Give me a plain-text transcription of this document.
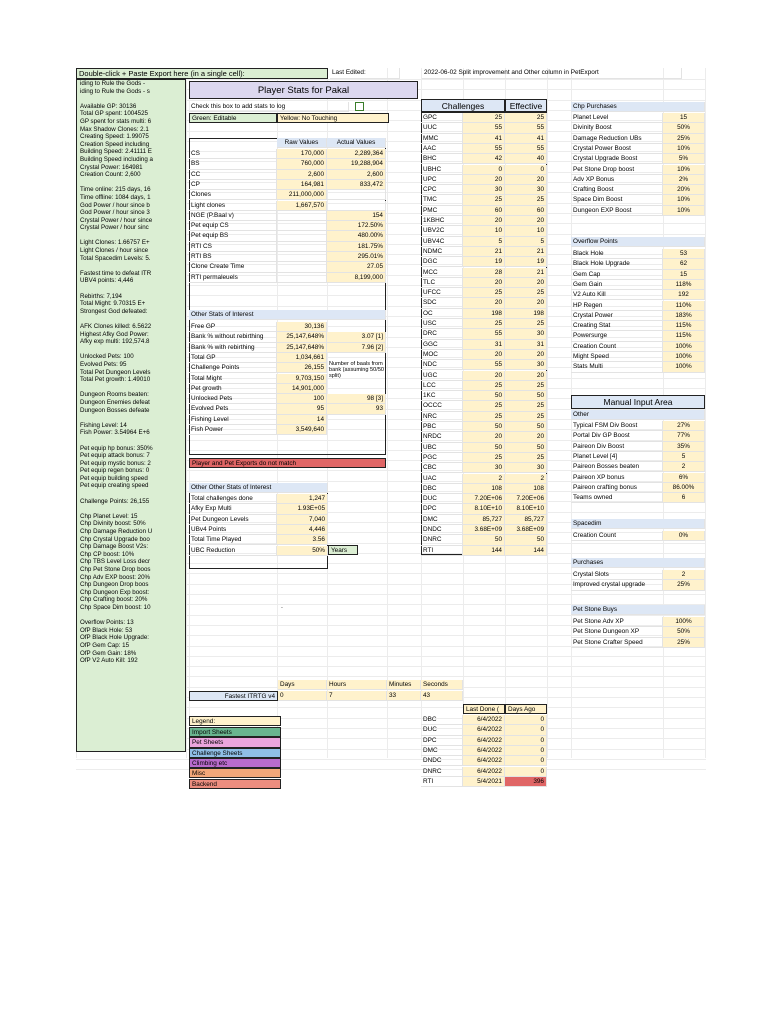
Double-click + Paste Export here (in a single cell):	Last Edited:	2022-06-02 Split improvement and Other column in PetExport
iding to Rule the Gods -
iding to Rule the Gods - s
Available GP: 30136
Total GP spent: 1004525
GP spent for stats multi: 6
Max Shadow Clones: 2.1
Creating Speed: 1.99075
Creation Speed including
Building Speed: 2.41111 E
Building Speed including a
Crystal Power: 164981
Creation Count: 2,600
Time online: 215 days, 16
Time offline: 1084 days, 1
God Power / hour since b
God Power / hour since 3
Crystal Power / hour since
Crystal Power / hour sinc
Light Clones: 1.66757 E+
Light Clones / hour since
Total Spacedim Levels: 5.
Fastest time to defeat ITR
UBV4 points: 4,446
Rebirths: 7,194
Total Might: 9.70315 E+
Strongest God defeated:
AFK Clones killed: 6.5622
Highest Afky God Power:
Afky exp multi: 192,574.8
Unlocked Pets: 100
Evolved Pets: 95
Total Pet Dungeon Levels
Total Pet growth: 1.49010
Dungeon Rooms beaten:
Dungeon Enemies defeat
Dungeon Bosses defeate
Fishing Level: 14
Fish Power: 3.54964 E+6
Pet equip hp bonus: 350%
Pet equip attack bonus: 7
Pet equip mystic bonus: 2
Pet equip regen bonus: 0
Pet equip building speed
Pet equip creating speed
Challenge Points: 26,155
Chp Planet Level: 15
Chp Divinity boost: 50%
Chp Damage Reduction U
Chp Crystal Upgrade boo
Chp Damage Boost V2s:
Chp CP boost: 10%
Chp TBS Level Loss decr
Chp Pet Stone Drop boos
Chp Adv EXP boost: 20%
Chp Dungeon Drop boos
Chp Dungeon Exp boost:
Chp Crafting boost: 20%
Chp Space Dim boost: 10
Overflow Points: 13
OfP Black Hole: 53
OfP Black Hole Upgrade:
OfP Gem Cap: 15
OfP Gem Gain: 18%
OfP V2 Auto Kill: 192
Player Stats for Pakal
Check this box to add stats to log
Green: Editable	Yellow: No Touching
Raw Values	Actual Values
CS	170,000	2,289,364
BS	760,000	19,288,904
CC	2,600	2,600
CP	164,981	833,472
Clones	211,000,000
Light clones	1,667,570
NGE (P.Baal v)	154
Pet equip CS	172.50%
Pet equip BS	480.00%
RTI CS	181.75%
RTI BS	295.01%
Clone Create Time	27.05
RTI permaleuels	8,199,000
Other Stats of Interest
Free GP	30,136
Bank % without rebirthing	25,147,648%	3.07 [1]
Bank % with rebirthing	25,147,648%	7.96 [2]
Total GP	1,034,661
Challenge Points	26,155
Total Might	9,703,150
Pet growth	14,901,000
Unlocked Pets	100	98 [3]
Evolved Pets	95	93
Fishing Level	14
Fish Power	3,549,640
Number of baals from bank (assuming 50/50 split)
Player and Pet Exports do not match
Other Other Stats of Interest
Total challenges done	1,247
Afky Exp Multi	1.93E+05
Pet Dungeon Levels	7,040
UBv4 Points	4,446
Total Time Played	3.56
UBC Reduction	50% Years
Days	Hours	Minutes	Seconds
Fastest ITRTG v4 0	7	33	43
Legend:
Import Sheets
Pet Sheets
Challenge Sheets
Climbing etc
Misc
Backend
Challenges	Effective
GPC	25	25
UUC	55	55
MMC	41	41
AAC	55	55
BHC	42	40
UBHC	0	0
UPC	20	20
CPC	30	30
TMC	25	25
PMC	60	60
1KBHC	20	20
UBV2C	10	10
UBV4C	5	5
NDMC	21	21
DGC	19	19
MCC	28	21
TLC	20	20
UFCC	25	25
SDC	20	20
OC	198	198
USC	25	25
DRC	55	30
GGC	31	31
MOC	20	20
NDC	55	30
UGC	20	20
LCC	25	25
1KC	50	50
OCCC	25	25
NRC	25	25
PBC	50	50
NRDC	20	20
UBC	50	50
PGC	25	25
CBC	30	30
UAC	2	2
DBC	108	108
DUC	7.20E+06	7.20E+06
DPC	8.10E+10	8.10E+10
DMC	85,727	85,727
DNDC	3.68E+09	3.68E+09
DNRC	50	50
RTI	144	144
Last Done (	Days Ago
DBC	6/4/2022	0
DUC	6/4/2022	0
DPC	6/4/2022	0
DMC	6/4/2022	0
DNDC	6/4/2022	0
DNRC	6/4/2022	0
RTI	5/4/2021	396
Chp Purchases
Planet Level	15
Divinity Boost	50%
Damage Reduction UBs	25%
Crystal Power Boost	10%
Crystal Upgrade Boost	5%
Pet Stone Drop boost	10%
Adv XP Bonus	2%
Crafting Boost	20%
Space Dim Boost	10%
Dungeon EXP Boost	10%
Overflow Points
Black Hole	53
Black Hole Upgrade	62
Gem Cap	15
Gem Gain	118%
V2 Auto Kill	192
HP Regen	110%
Crystal Power	183%
Creating Stat	115%
Powersurge	115%
Creation Count	100%
Might Speed	100%
Stats Multi	100%
Other
Typical FSM Div Boost	27%
Portal Div GP Boost	77%
Paireon Div Boost	35%
Planet Level [4]	5
Paireon Bosses beaten	2
Paireon XP bonus	6%
Paireon crafting bonus	86.00%
Teams owned	6
Spacedim
Creation Count	0%
Purchases
Crystal Slots	2
Improved crystal upgrade	25%
Pet Stone Buys
Pet Stone Adv XP	100%
Pet Stone Dungeon XP	50%
Pet Stone Crafter Speed	25%
Manual Input Area
.
